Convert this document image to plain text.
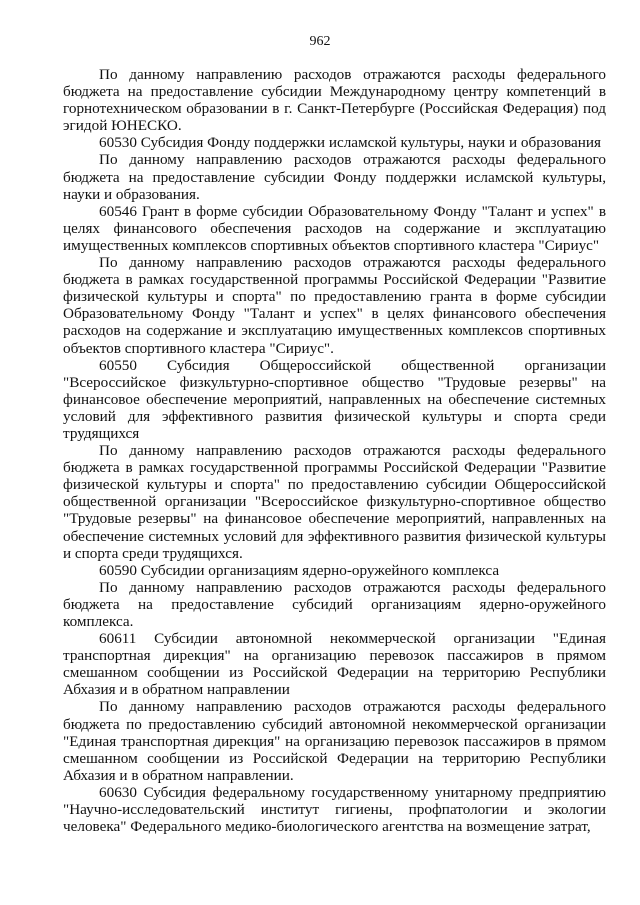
962

По данному направлению расходов отражаются расходы федерального бюджета на предоставление субсидии Международному центру компетенций в горнотехническом образовании в г. Санкт-Петербурге (Российская Федерация) под эгидой ЮНЕСКО.

60530 Субсидия Фонду поддержки исламской культуры, науки и образования

По данному направлению расходов отражаются расходы федерального бюджета на предоставление субсидии Фонду поддержки исламской культуры, науки и образования.

60546 Грант в форме субсидии Образовательному Фонду "Талант и успех" в целях финансового обеспечения расходов на содержание и эксплуатацию имущественных комплексов спортивных объектов спортивного кластера "Сириус"

По данному направлению расходов отражаются расходы федерального бюджета в рамках государственной программы Российской Федерации "Развитие физической культуры и спорта" по предоставлению гранта в форме субсидии Образовательному Фонду "Талант и успех" в целях финансового обеспечения расходов на содержание и эксплуатацию имущественных комплексов спортивных объектов спортивного кластера "Сириус".

60550 Субсидия Общероссийской общественной организации "Всероссийское физкультурно-спортивное общество "Трудовые резервы" на финансовое обеспечение мероприятий, направленных на обеспечение системных условий для эффективного развития физической культуры и спорта среди трудящихся

По данному направлению расходов отражаются расходы федерального бюджета в рамках государственной программы Российской Федерации "Развитие физической культуры и спорта" по предоставлению субсидии Общероссийской общественной организации "Всероссийское физкультурно-спортивное общество "Трудовые резервы" на финансовое обеспечение мероприятий, направленных на обеспечение системных условий для эффективного развития физической культуры и спорта среди трудящихся.

60590 Субсидии организациям ядерно-оружейного комплекса

По данному направлению расходов отражаются расходы федерального бюджета на предоставление субсидий организациям ядерно-оружейного комплекса.

60611 Субсидии автономной некоммерческой организации "Единая транспортная дирекция" на организацию перевозок пассажиров в прямом смешанном сообщении из Российской Федерации на территорию Республики Абхазия и в обратном направлении

По данному направлению расходов отражаются расходы федерального бюджета по предоставлению субсидий автономной некоммерческой организации "Единая транспортная дирекция" на организацию перевозок пассажиров в прямом смешанном сообщении из Российской Федерации на территорию Республики Абхазия и в обратном направлении.

60630 Субсидия федеральному государственному унитарному предприятию "Научно-исследовательский институт гигиены, профпатологии и экологии человека" Федерального медико-биологического агентства на возмещение затрат,
